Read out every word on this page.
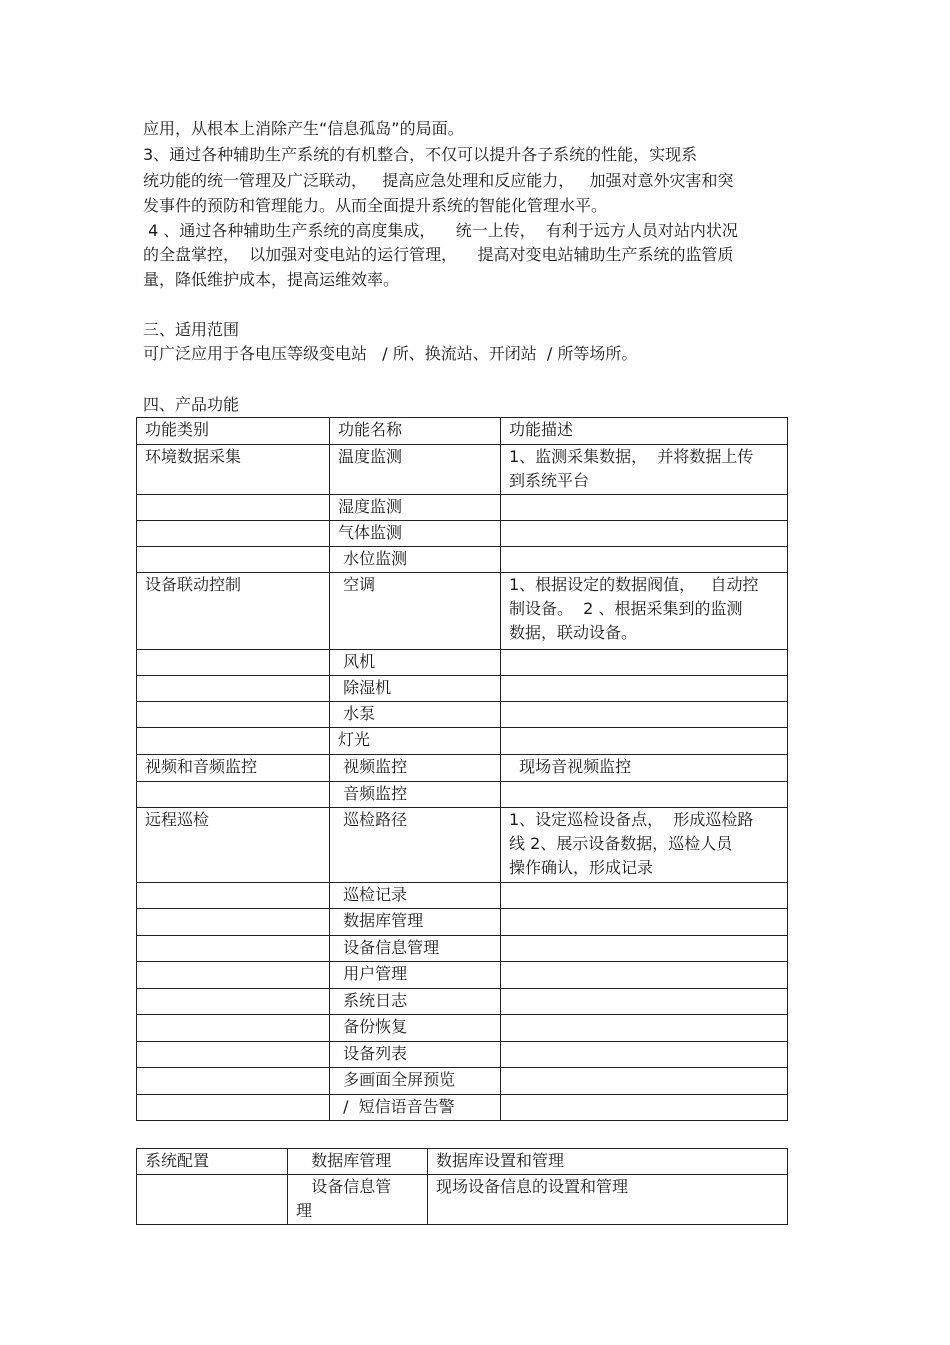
应用，从根本上消除产生“信息孤岛”的局面。
3、通过各种辅助生产系统的有机整合，不仅可以提升各子系统的性能，实现系
统功能的统一管理及广泛联动，   提高应急处理和反应能力，   加强对意外灾害和突
发事件的预防和管理能力。从而全面提升系统的智能化管理水平。
4 、通过各种辅助生产系统的高度集成，    统一上传，  有利于远方人员对站内状况
的全盘掌控，  以加强对变电站的运行管理，    提高对变电站辅助生产系统的监管质
量，降低维护成本，提高运维效率。
三、适用范围
可广泛应用于各电压等级变电站   / 所、换流站、开闭站  / 所等场所。
四、产品功能
功能类别	功能名称	功能描述
环境数据采集	温度监测	1、监测采集数据，  并将数据上传
到系统平台
	湿度监测	
	气体监测	
	水位监测	
设备联动控制	空调	1、根据设定的数据阀值，   自动控
制设备。  2 、根据采集到的监测
数据，联动设备。
	风机	
	除湿机	
	水泵	
	灯光	
视频和音频监控	视频监控	现场音视频监控
	音频监控	
远程巡检	巡检路径	1、设定巡检设备点，  形成巡检路
线 2、展示设备数据，巡检人员
操作确认，形成记录
	巡检记录	
	数据库管理	
	设备信息管理	
	用户管理	
	系统日志	
	备份恢复	
	设备列表	
	多画面全屏预览	
	/  短信语音告警	
系统配置	数据库管理	数据库设置和管理
	设备信息管
理	现场设备信息的设置和管理
